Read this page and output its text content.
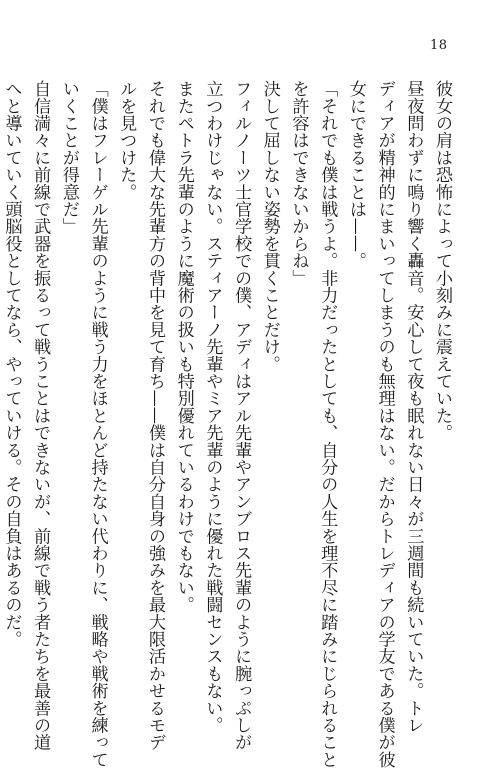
18
彼女の肩は恐怖によって小刻みに震えていた。
昼夜問わずに鳴り響く轟音。安心して夜も眠れない日々が三週間も続いていた。トレ
ディアが精神的にまいってしまうのも無理はない。だからトレディアの学友である僕が彼
女にできることは——。
「それでも僕は戦うよ。非力だったとしても、自分の人生を理不尽に踏みにじられること
を許容はできないからね」
決して屈しない姿勢を貫くことだけ。
フィルノーツ士官学校での僕、アディはアル先輩やアンブロス先輩のように腕っぷしが
立つわけじゃない。スティアーノ先輩やミア先輩のように優れた戦闘センスもない。
またペトラ先輩のように魔術の扱いも特別優れているわけでもない。
それでも偉大な先輩方の背中を見て育ち——僕は自分自身の強みを最大限活かせるモデ
ルを見つけた。
「僕はフレーゲル先輩のように戦う力をほとんど持たない代わりに、戦略や戦術を練って
いくことが得意だ」
自信満々に前線で武器を振るって戦うことはできないが、前線で戦う者たちを最善の道
へと導いていく頭脳役としてなら、やっていける。その自負はあるのだ。
